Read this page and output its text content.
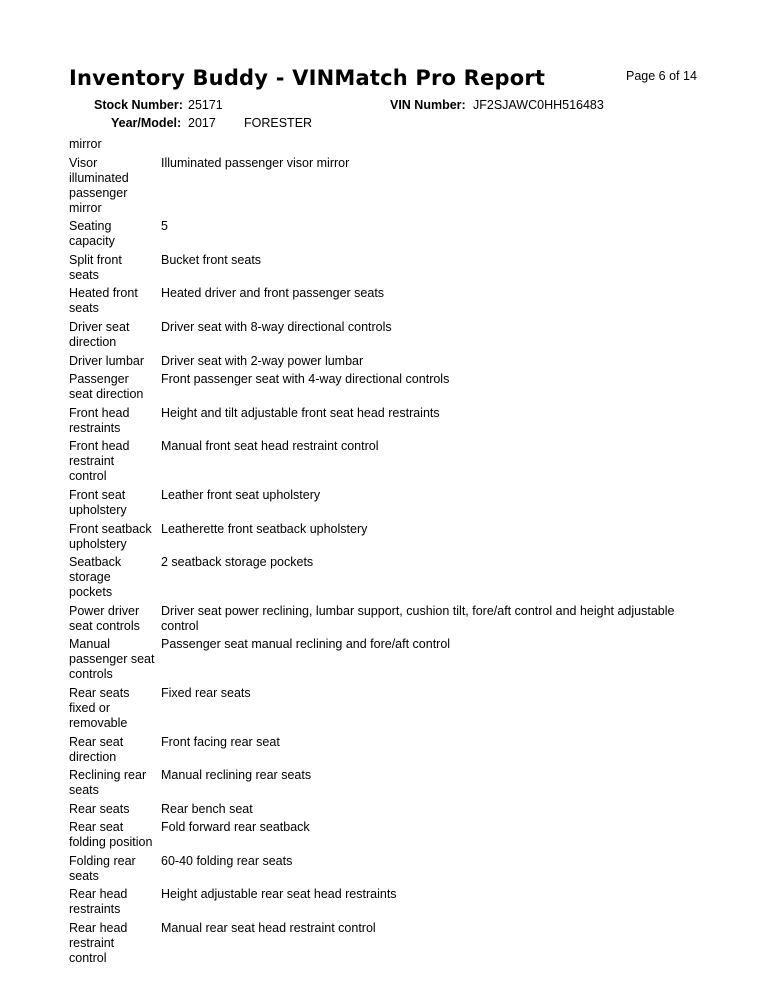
Inventory Buddy - VINMatch Pro Report	Page 6 of 14
Stock Number: 25171	VIN Number: JF2SJAWC0HH516483
Year/Model: 2017 FORESTER
mirror	
Visor illuminated passenger mirror	Illuminated passenger visor mirror
Seating capacity	5
Split front seats	Bucket front seats
Heated front seats	Heated driver and front passenger seats
Driver seat direction	Driver seat with 8-way directional controls
Driver lumbar	Driver seat with 2-way power lumbar
Passenger seat direction	Front passenger seat with 4-way directional controls
Front head restraints	Height and tilt adjustable front seat head restraints
Front head restraint control	Manual front seat head restraint control
Front seat upholstery	Leather front seat upholstery
Front seatback upholstery	Leatherette front seatback upholstery
Seatback storage pockets	2 seatback storage pockets
Power driver seat controls	Driver seat power reclining, lumbar support, cushion tilt, fore/aft control and height adjustable control
Manual passenger seat controls	Passenger seat manual reclining and fore/aft control
Rear seats fixed or removable	Fixed rear seats
Rear seat direction	Front facing rear seat
Reclining rear seats	Manual reclining rear seats
Rear seats	Rear bench seat
Rear seat folding position	Fold forward rear seatback
Folding rear seats	60-40 folding rear seats
Rear head restraints	Height adjustable rear seat head restraints
Rear head restraint control	Manual rear seat head restraint control
